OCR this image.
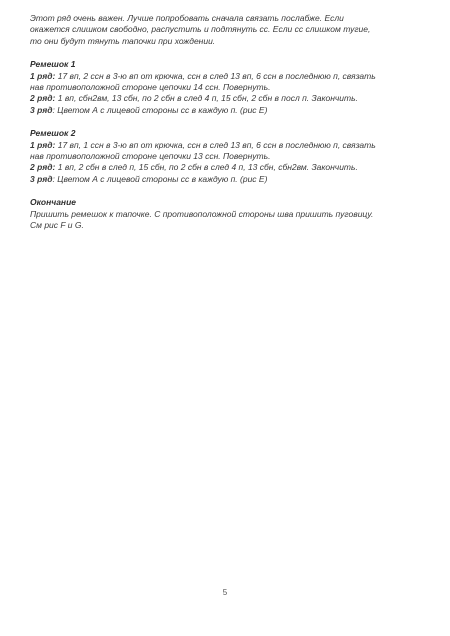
Этот ряд очень важен. Лучше попробовать сначала связать послабже. Если

окажется слишком свободно, распустить и подтянуть сс. Если сс слишком тугие,

то они будут тянуть тапочки при хождении.

Ремешок 1

1 ряд: 17 вп, 2 ссн в 3-ю вп от крючка, ссн в след 13 вп, 6 ссн в последнюю п, связать

нав противоположной стороне цепочки 14 ссн. Повернуть.

2 ряд: 1 вп, сбн2вм, 13 сбн, по 2 сбн в след 4 п, 15 сбн, 2 сбн в посл п. Закончить.

3 ряд: Цветом А с лицевой стороны сс в каждую п. (рис Е)

Ремешок 2

1 ряд: 17 вп, 1 ссн в 3-ю вп от крючка, ссн в след 13 вп, 6 ссн в последнюю п, связать

нав противоположной стороне цепочки 13 ссн. Повернуть.

2 ряд: 1 вп, 2 сбн в след п, 15 сбн, по 2 сбн в след 4 п, 13 сбн, сбн2вм. Закончить.

3 ряд: Цветом А с лицевой стороны сс в каждую п. (рис Е)

Окончание

Пришить ремешок к тапочке. С противоположной стороны шва пришить пуговицу.

См рис F и G.

5
